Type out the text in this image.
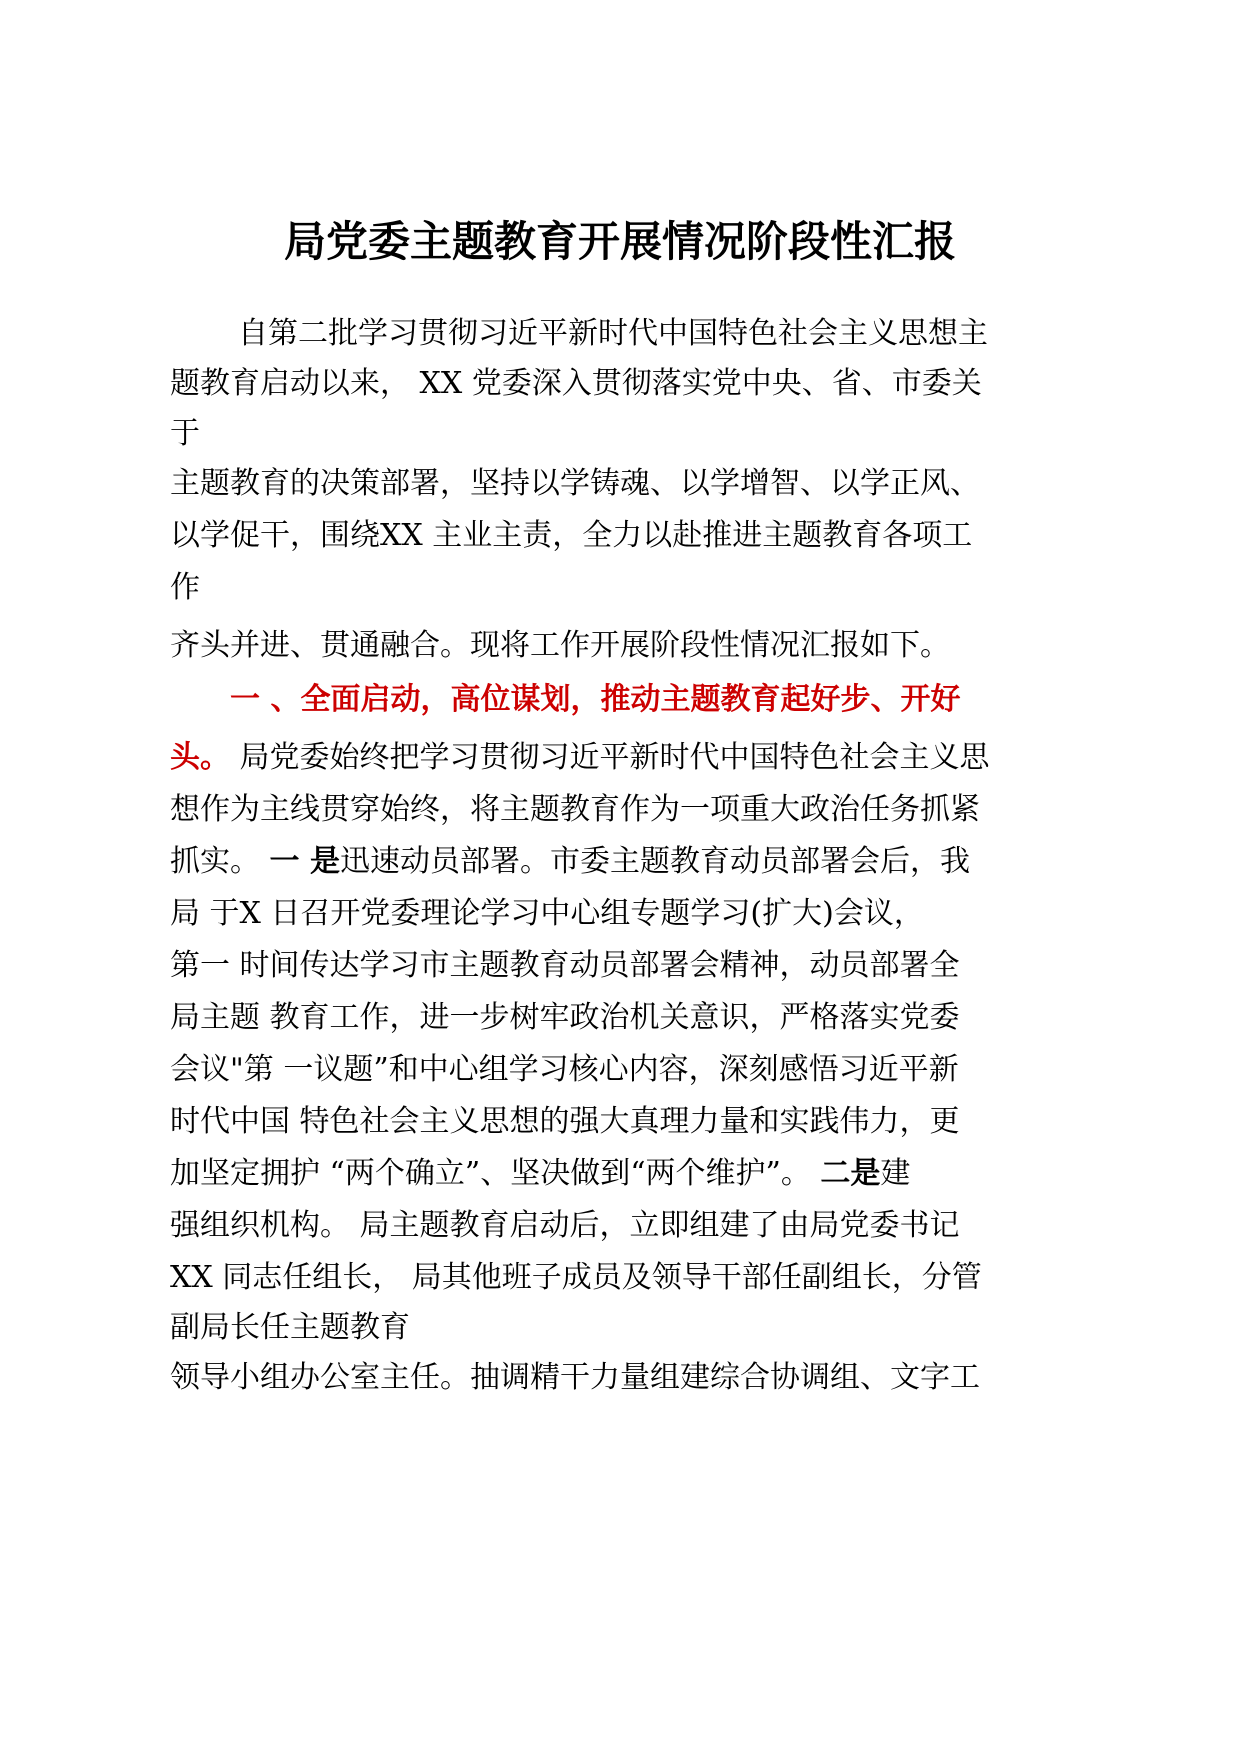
局党委主题教育开展情况阶段性汇报
自第二批学习贯彻习近平新时代中国特色社会主义思想主
题教育启动以来， XX 党委深入贯彻落实党中央、省、市委关
于
主题教育的决策部署，坚持以学铸魂、以学增智、以学正风、
以学促干，围绕XX 主业主责，全力以赴推进主题教育各项工
作
齐头并进、贯通融合。现将工作开展阶段性情况汇报如下。
一 、全面启动，高位谋划，推动主题教育起好步、开好
头。 局党委始终把学习贯彻习近平新时代中国特色社会主义思
想作为主线贯穿始终，将主题教育作为一项重大政治任务抓紧
抓实。 一 是迅速动员部署。市委主题教育动员部署会后，我
局 于X 日召开党委理论学习中心组专题学习(扩大)会议，
第一 时间传达学习市主题教育动员部署会精神，动员部署全
局主题 教育工作，进一步树牢政治机关意识，严格落实党委
会议"第 一议题”和中心组学习核心内容，深刻感悟习近平新
时代中国 特色社会主义思想的强大真理力量和实践伟力，更
加坚定拥护 “两个确立”、坚决做到“两个维护”。 二是建
强组织机构。 局主题教育启动后，立即组建了由局党委书记
XX 同志任组长， 局其他班子成员及领导干部任副组长，分管
副局长任主题教育
领导小组办公室主任。抽调精干力量组建综合协调组、文字工
